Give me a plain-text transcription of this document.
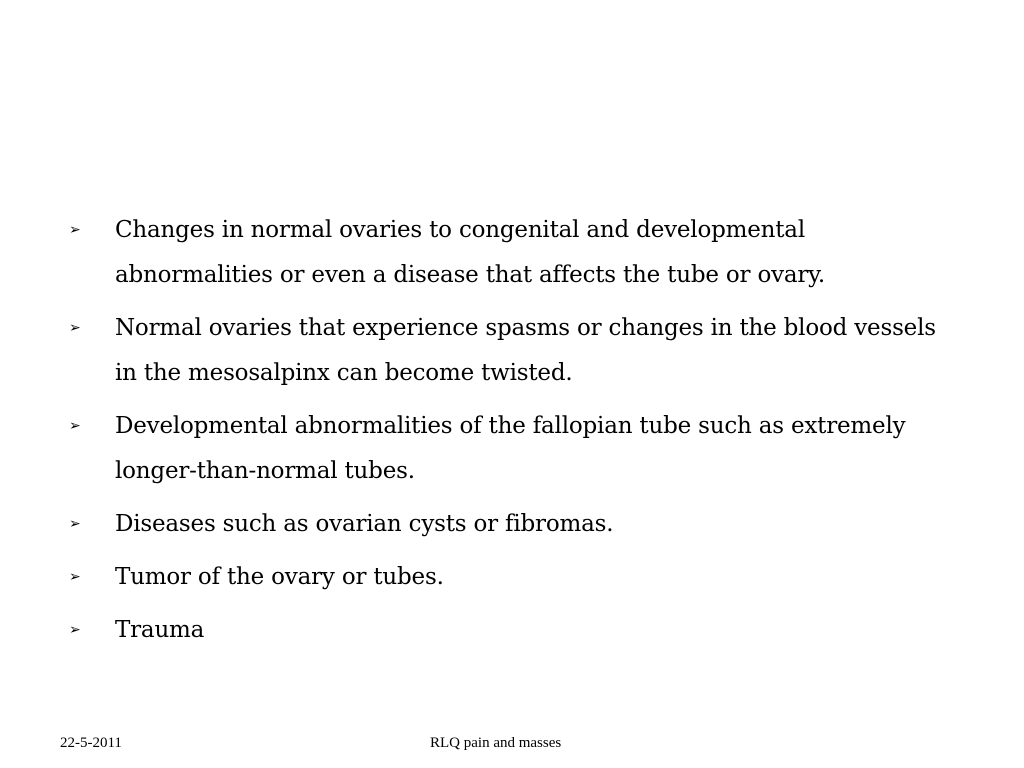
➢ Changes in normal ovaries to congenital and developmental abnormalities or even a disease that affects the tube or ovary.
➢ Normal ovaries that experience spasms or changes in the blood vessels in the mesosalpinx can become twisted.
➢ Developmental abnormalities of the fallopian tube such as extremely longer-than-normal tubes.
➢ Diseases such as ovarian cysts or fibromas.
➢ Tumor of the ovary or tubes.
➢ Trauma
22-5-2011	RLQ pain and masses
